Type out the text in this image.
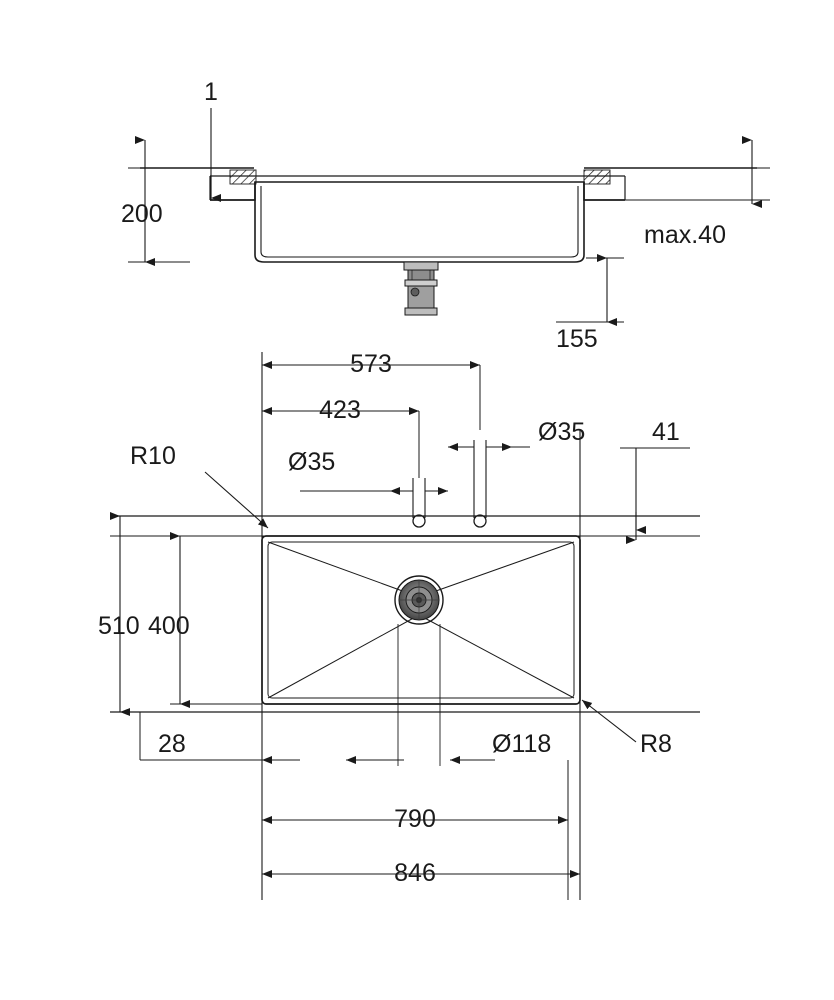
1
200
max.40
155
573
423
Ø35
Ø35
41
R10
R8
510 400
28	Ø118
790
846
